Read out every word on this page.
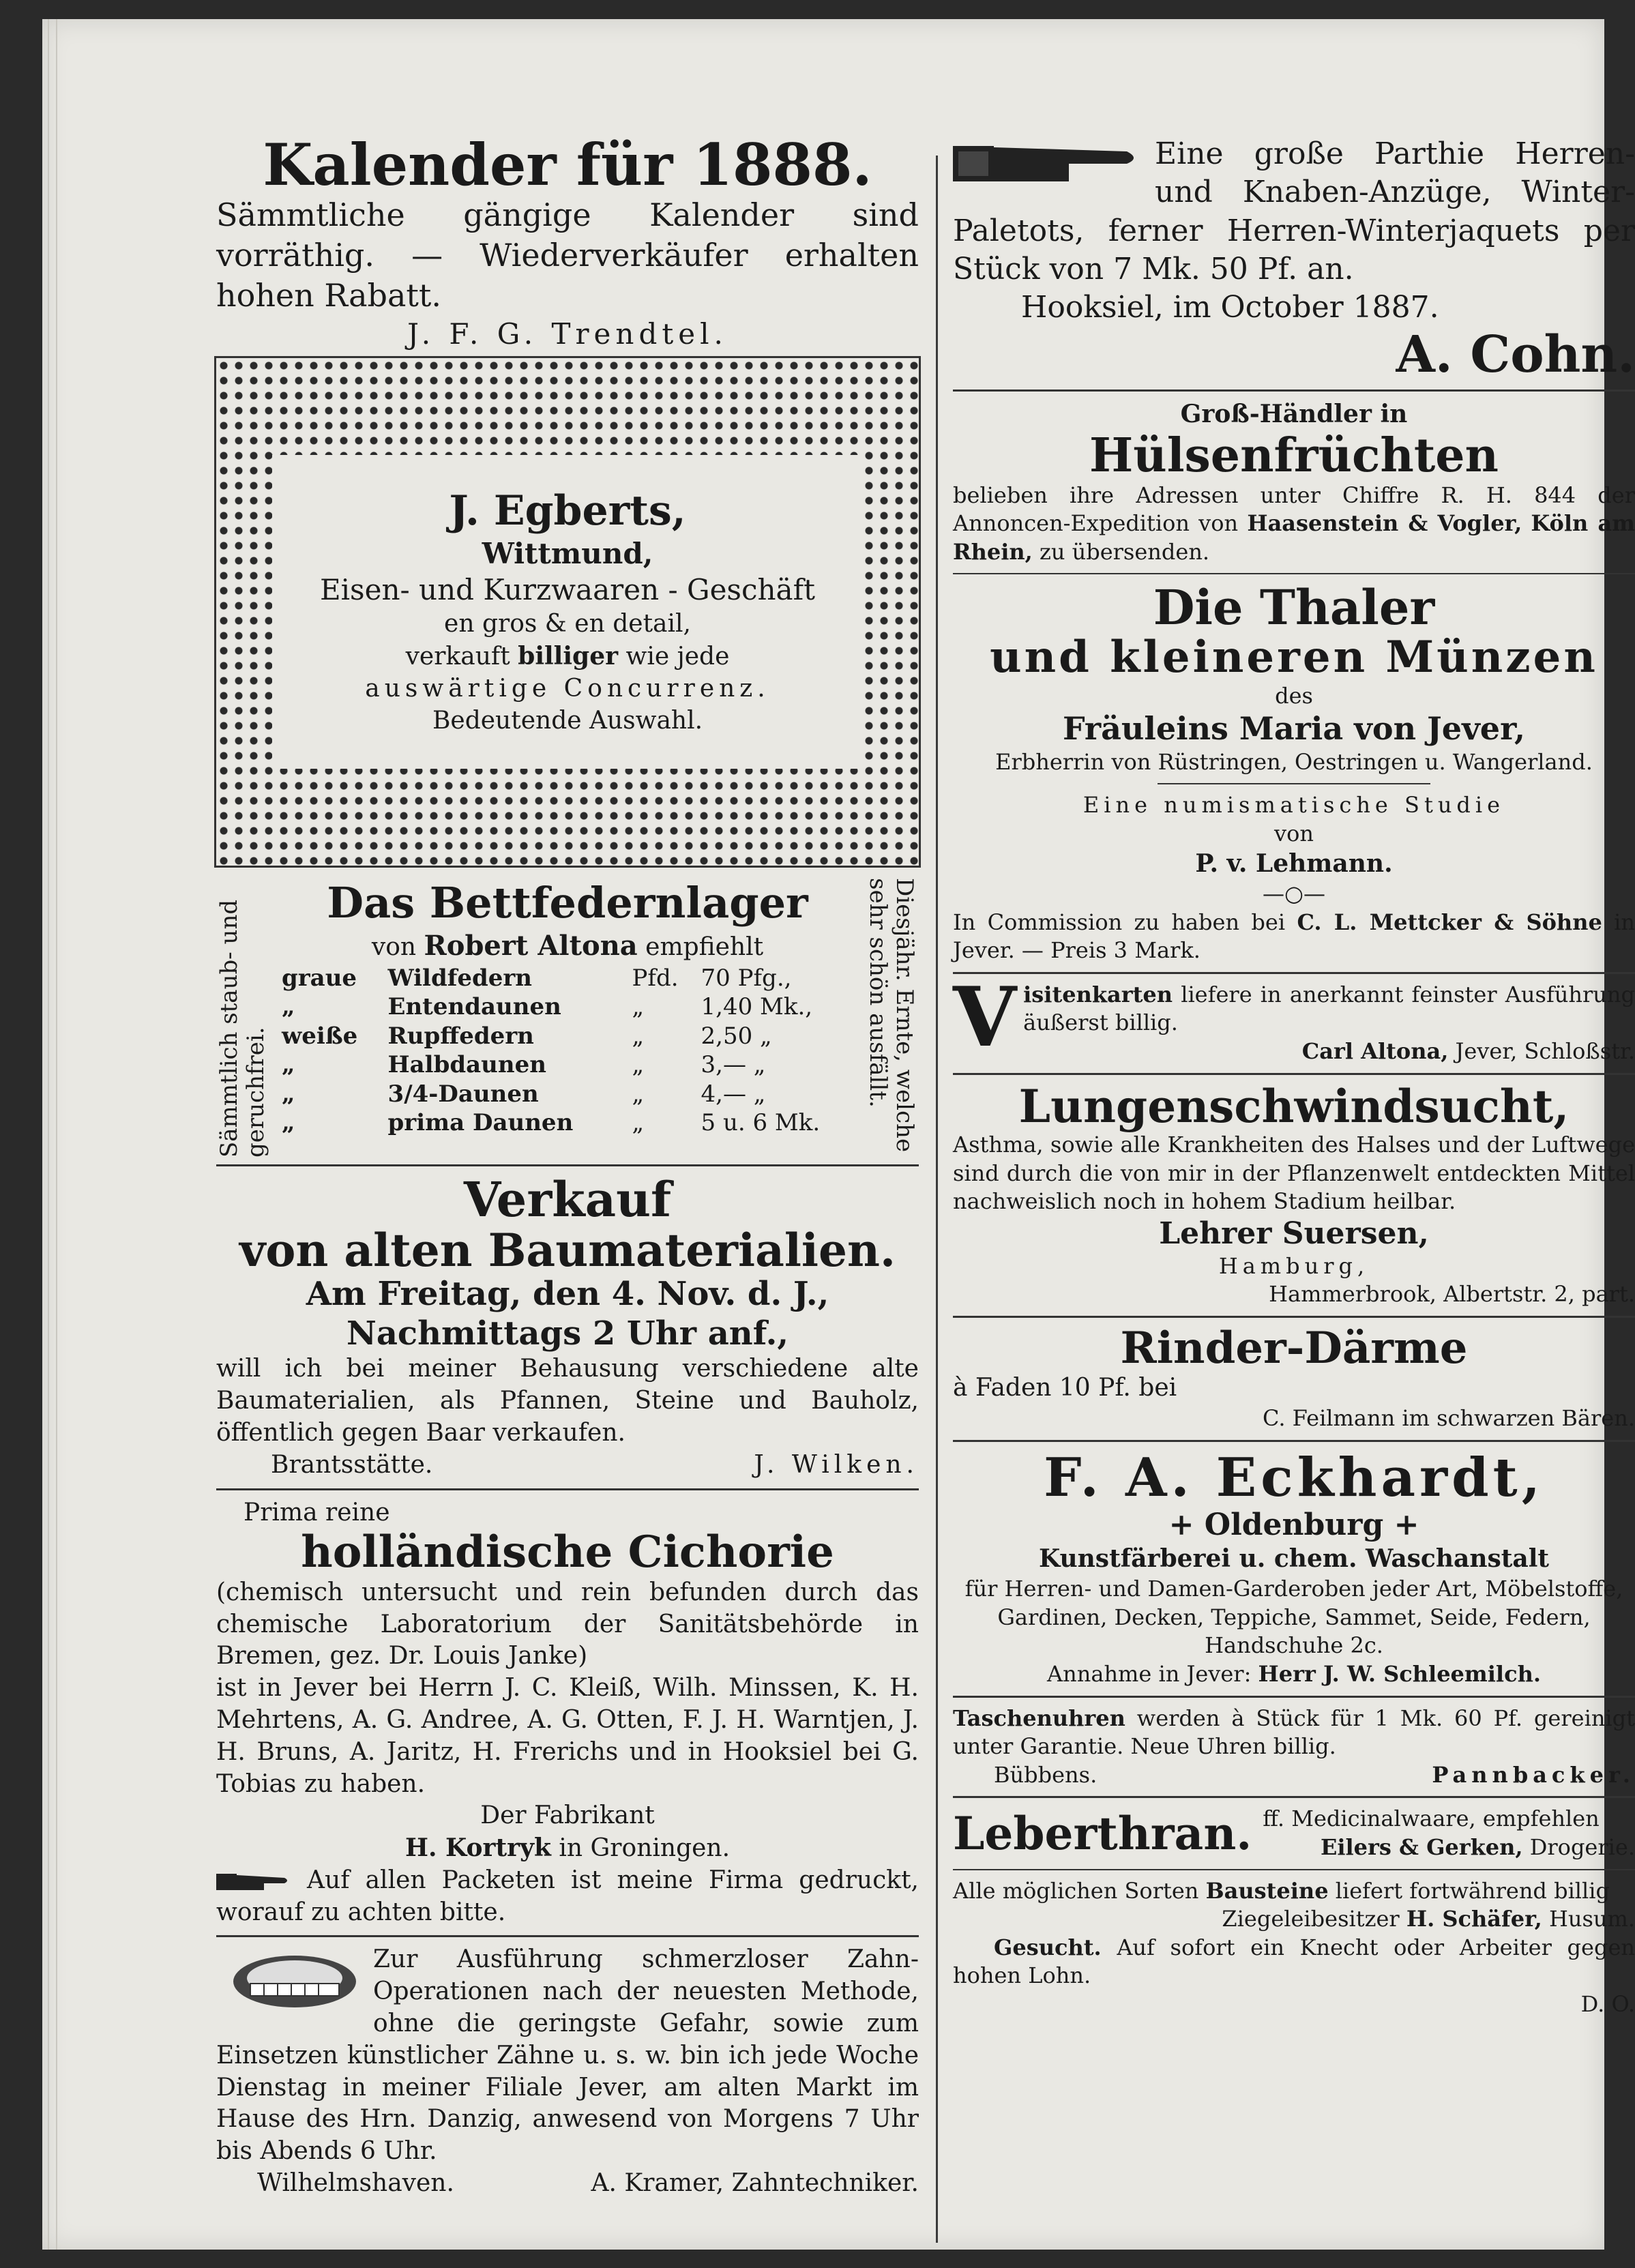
Kalender für 1888.

Sämmtliche gängige Kalender sind vorräthig. — Wiederverkäufer erhalten hohen Rabatt.

J. F. G. Trendtel.

J. Egberts,

Wittmund,

Eisen- und Kurzwaaren - Geschäft

en gros & en detail,

verkauft billiger wie jede

auswärtige Concurrenz.

Bedeutende Auswahl.

Sämmtlich staub- und geruchfrei.	Diesjähr. Ernte, welche sehr schön ausfällt.

Das Bettfedernlager

von Robert Altona empfiehlt

graue	Wildfedern	Pfd.	70 Pfg.,
„	Entendaunen	„	1,40 Mk.,
weiße	Rupffedern	„	2,50 „
„	Halbdaunen	„	3,— „
„	3/4-Daunen	„	4,— „
„	prima Daunen	„	5 u. 6 Mk.

Verkauf

von alten Baumaterialien.

Am Freitag, den 4. Nov. d. J.,

Nachmittags 2 Uhr anf.,

will ich bei meiner Behausung verschiedene alte Baumaterialien, als Pfannen, Steine und Bauholz, öffentlich gegen Baar verkaufen.

Brantsstätte.	J. Wilken.

Prima reine

holländische Cichorie

(chemisch untersucht und rein befunden durch das chemische Laboratorium der Sanitätsbehörde in Bremen, gez. Dr. Louis Janke)

ist in Jever bei Herrn J. C. Kleiß, Wilh. Minssen, K. H. Mehrtens, A. G. Andree, A. G. Otten, F. J. H. Warntjen, J. H. Bruns, A. Jaritz, H. Frerichs und in Hooksiel bei G. Tobias zu haben.

Der Fabrikant

H. Kortryk in Groningen.

Auf allen Packeten ist meine Firma gedruckt, worauf zu achten bitte.

Zur Ausführung schmerzloser Zahn-Operationen nach der neuesten Methode, ohne die geringste Gefahr, sowie zum Einsetzen künstlicher Zähne u. s. w. bin ich jede Woche Dienstag in meiner Filiale Jever, am alten Markt im Hause des Hrn. Danzig, anwesend von Morgens 7 Uhr bis Abends 6 Uhr.

Wilhelmshaven.	A. Kramer, Zahntechniker.

Eine große Parthie Herren- und Knaben-Anzüge, Winter-Paletots, ferner Herren-Winterjaquets per Stück von 7 Mk. 50 Pf. an.

Hooksiel, im October 1887.

A. Cohn.

Groß-Händler in

Hülsenfrüchten

belieben ihre Adressen unter Chiffre R. H. 844 der Annoncen-Expedition von Haasenstein & Vogler, Köln am Rhein, zu übersenden.

Die Thaler

und kleineren Münzen

des

Fräuleins Maria von Jever,

Erbherrin von Rüstringen, Oestringen u. Wangerland.

Eine numismatische Studie

von

P. v. Lehmann.

—○—

In Commission zu haben bei C. L. Mettcker & Söhne in Jever. — Preis 3 Mark.

V isitenkarten liefere in anerkannt feinster Ausführung äußerst billig.

Carl Altona, Jever, Schloßstr.

Lungenschwindsucht,

Asthma, sowie alle Krankheiten des Halses und der Luftwege sind durch die von mir in der Pflanzenwelt entdeckten Mittel nachweislich noch in hohem Stadium heilbar.

Lehrer Suersen,

Hamburg,

Hammerbrook, Albertstr. 2, part.

Rinder-Därme

à Faden 10 Pf. bei

C. Feilmann im schwarzen Bären.

F. A. Eckhardt,

+ Oldenburg +

Kunstfärberei u. chem. Waschanstalt

für Herren- und Damen-Garderoben jeder Art, Möbelstoffe, Gardinen, Decken, Teppiche, Sammet, Seide, Federn, Handschuhe 2c.

Annahme in Jever: Herr J. W. Schleemilch.

Taschenuhren werden à Stück für 1 Mk. 60 Pf. gereinigt unter Garantie. Neue Uhren billig.

Bübbens.	Pannbacker.

Leberthran. ff. Medicinalwaare, empfehlen

Eilers & Gerken, Drogerie.

Alle möglichen Sorten Bausteine liefert fortwährend billig

Ziegeleibesitzer H. Schäfer, Husum.

Gesucht. Auf sofort ein Knecht oder Arbeiter gegen hohen Lohn.

D. O.
